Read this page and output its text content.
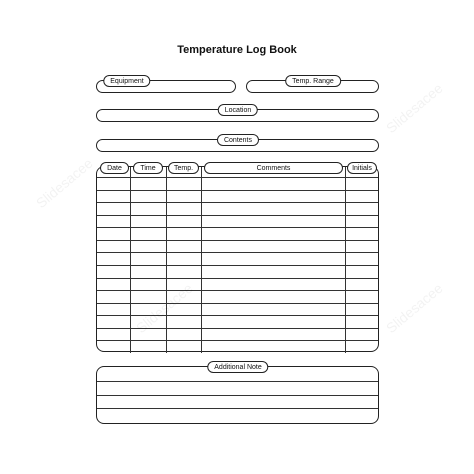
Temperature Log Book
Equipment	Temp. Range
Location
Contents
Date	Time	Temp.	Comments	Initials
Additional Note
Slidesacee
Slidesacee
Slidesacee
Slidesacee
